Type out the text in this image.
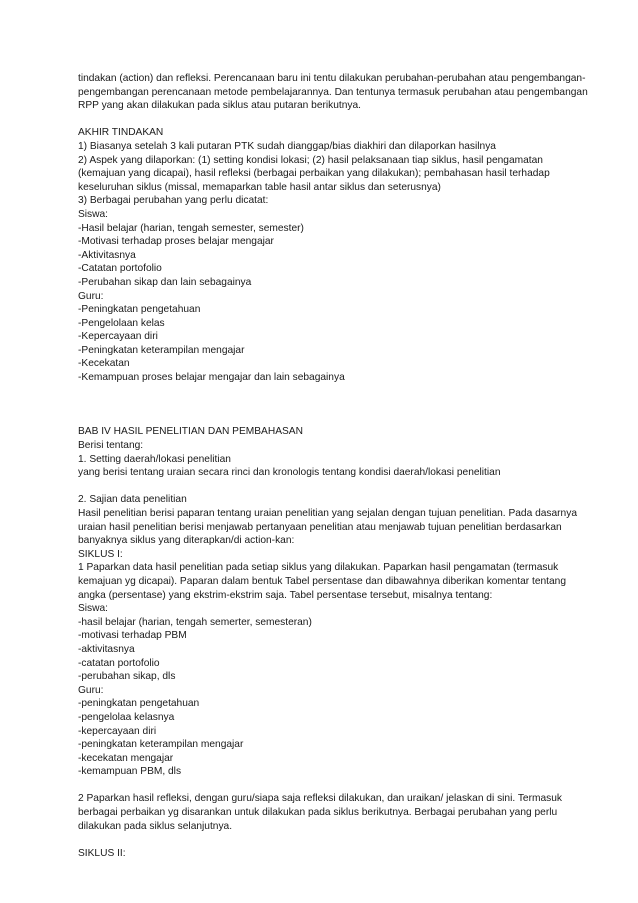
tindakan (action) dan refleksi. Perencanaan baru ini tentu dilakukan perubahan-perubahan atau pengembangan-
pengembangan perencanaan metode pembelajarannya. Dan tentunya termasuk perubahan atau pengembangan
RPP yang akan dilakukan pada siklus atau putaran berikutnya.
AKHIR TINDAKAN
1) Biasanya setelah 3 kali putaran PTK sudah dianggap/bias diakhiri dan dilaporkan hasilnya
2) Aspek yang dilaporkan: (1) setting kondisi lokasi; (2) hasil pelaksanaan tiap siklus, hasil pengamatan
(kemajuan yang dicapai), hasil refleksi (berbagai perbaikan yang dilakukan); pembahasan hasil terhadap
keseluruhan siklus (missal, memaparkan table hasil antar siklus dan seterusnya)
3) Berbagai perubahan yang perlu dicatat:
Siswa:
-Hasil belajar (harian, tengah semester, semester)
-Motivasi terhadap proses belajar mengajar
-Aktivitasnya
-Catatan portofolio
-Perubahan sikap dan lain sebagainya
Guru:
-Peningkatan pengetahuan
-Pengelolaan kelas
-Kepercayaan diri
-Peningkatan keterampilan mengajar
-Kecekatan
-Kemampuan proses belajar mengajar dan lain sebagainya
BAB IV HASIL PENELITIAN DAN PEMBAHASAN
Berisi tentang:
1. Setting daerah/lokasi penelitian
yang berisi tentang uraian secara rinci dan kronologis tentang kondisi daerah/lokasi penelitian
2. Sajian data penelitian
Hasil penelitian berisi paparan tentang uraian penelitian yang sejalan dengan tujuan penelitian. Pada dasarnya
uraian hasil penelitian berisi menjawab pertanyaan penelitian atau menjawab tujuan penelitian berdasarkan
banyaknya siklus yang diterapkan/di action-kan:
SIKLUS I:
1 Paparkan data hasil penelitian pada setiap siklus yang dilakukan. Paparkan hasil pengamatan (termasuk
kemajuan yg dicapai). Paparan dalam bentuk Tabel persentase dan dibawahnya diberikan komentar tentang
angka (persentase) yang ekstrim-ekstrim saja. Tabel persentase tersebut, misalnya tentang:
Siswa:
-hasil belajar (harian, tengah semerter, semesteran)
-motivasi terhadap PBM
-aktivitasnya
-catatan portofolio
-perubahan sikap, dls
Guru:
-peningkatan pengetahuan
-pengelolaa kelasnya
-kepercayaan diri
-peningkatan keterampilan mengajar
-kecekatan mengajar
-kemampuan PBM, dls
2 Paparkan hasil refleksi, dengan guru/siapa saja refleksi dilakukan, dan uraikan/ jelaskan di sini. Termasuk
berbagai perbaikan yg disarankan untuk dilakukan pada siklus berikutnya. Berbagai perubahan yang perlu
dilakukan pada siklus selanjutnya.
SIKLUS II:
